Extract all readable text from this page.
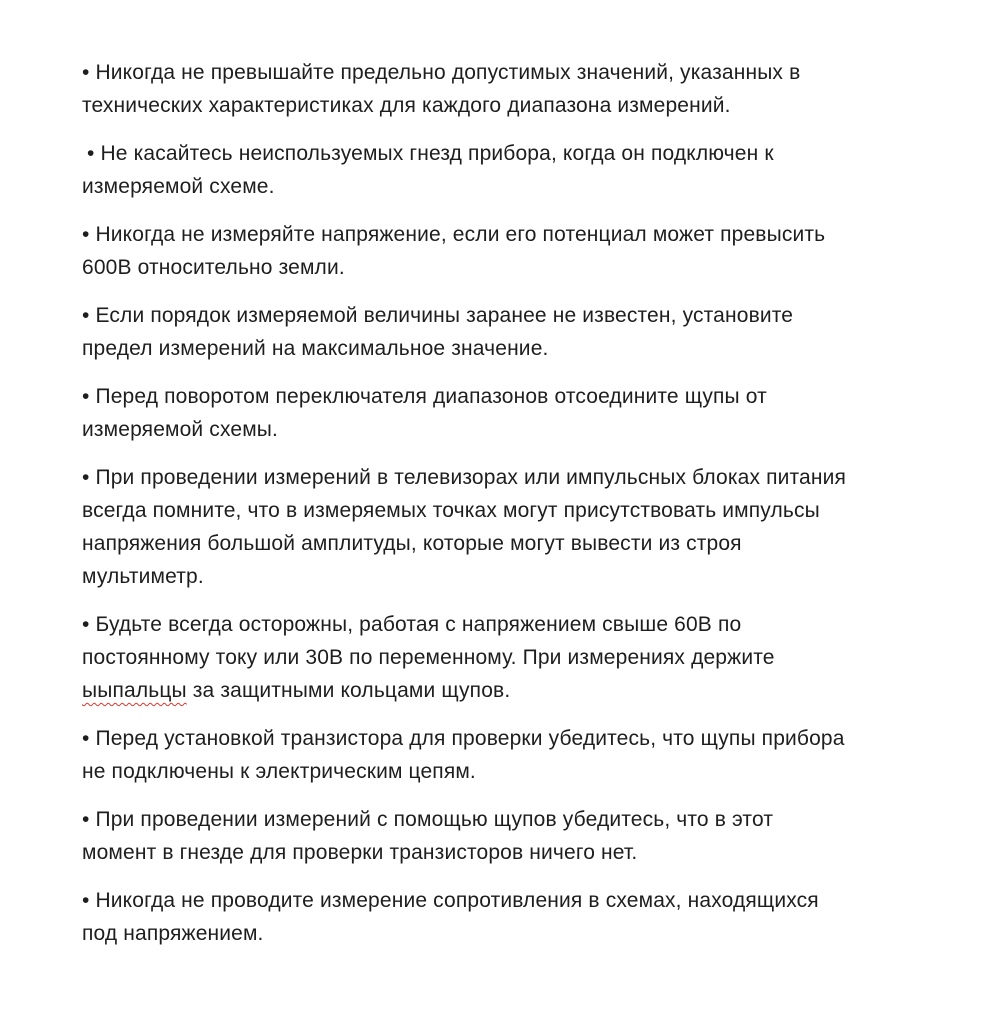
• Никогда не превышайте предельно допустимых значений, указанных в
технических характеристиках для каждого диапазона измерений.

• Не касайтесь неиспользуемых гнезд прибора, когда он подключен к
измеряемой схеме.

• Никогда не измеряйте напряжение, если его потенциал может превысить
600В относительно земли.

• Если порядок измеряемой величины заранее не известен, установите
предел измерений на максимальное значение.

• Перед поворотом переключателя диапазонов отсоедините щупы от
измеряемой схемы.

• При проведении измерений в телевизорах или импульсных блоках питания
всегда помните, что в измеряемых точках могут присутствовать импульсы
напряжения большой амплитуды, которые могут вывести из строя
мультиметр.

• Будьте всегда осторожны, работая с напряжением свыше 60В по
постоянному току или 30В по переменному. При измерениях держите
ыыпальцы за защитными кольцами щупов.

• Перед установкой транзистора для проверки убедитесь, что щупы прибора
не подключены к электрическим цепям.

• При проведении измерений с помощью щупов убедитесь, что в этот
момент в гнезде для проверки транзисторов ничего нет.

• Никогда не проводите измерение сопротивления в схемах, находящихся
под напряжением.
